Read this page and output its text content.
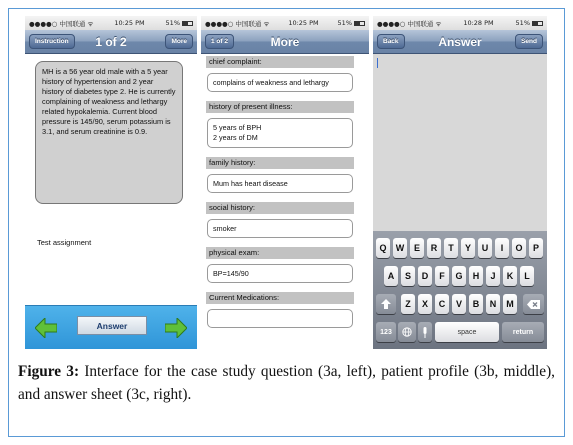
●●●●○ 中国联通 ᯤ	10:25 PM	51%
Instruction	1 of 2	More
MH is a 56 year old male with a 5 year history of hypertension and 2 year history of diabetes type 2. He is currently complaining of weakness and lethargy related hypokalemia. Current blood pressure is 145/90, serum potassium is 3.1, and serum creatinine is 0.9.
Test assignment
Answer
●●●●○ 中国联通 ᯤ	10:25 PM	51%
1 of 2	More
chief complaint:
complains of weakness and lethargy
history of present illness:
5 years of BPH
2 years of DM
family history:
Mum has heart disease
social history:
smoker
physical exam:
BP=145/90
Current Medications:
●●●●○ 中国联通 ᯤ	10:28 PM	51%
Back	Answer	Send
Q	W	E	R	T	Y	U	I	O	P
A	S	D	F	G	H	J	K	L
Z	X	C	V	B	N	M
123	space	return
Figure 3: Interface for the case study question (3a, left), patient profile (3b, middle), and answer sheet (3c, right).
